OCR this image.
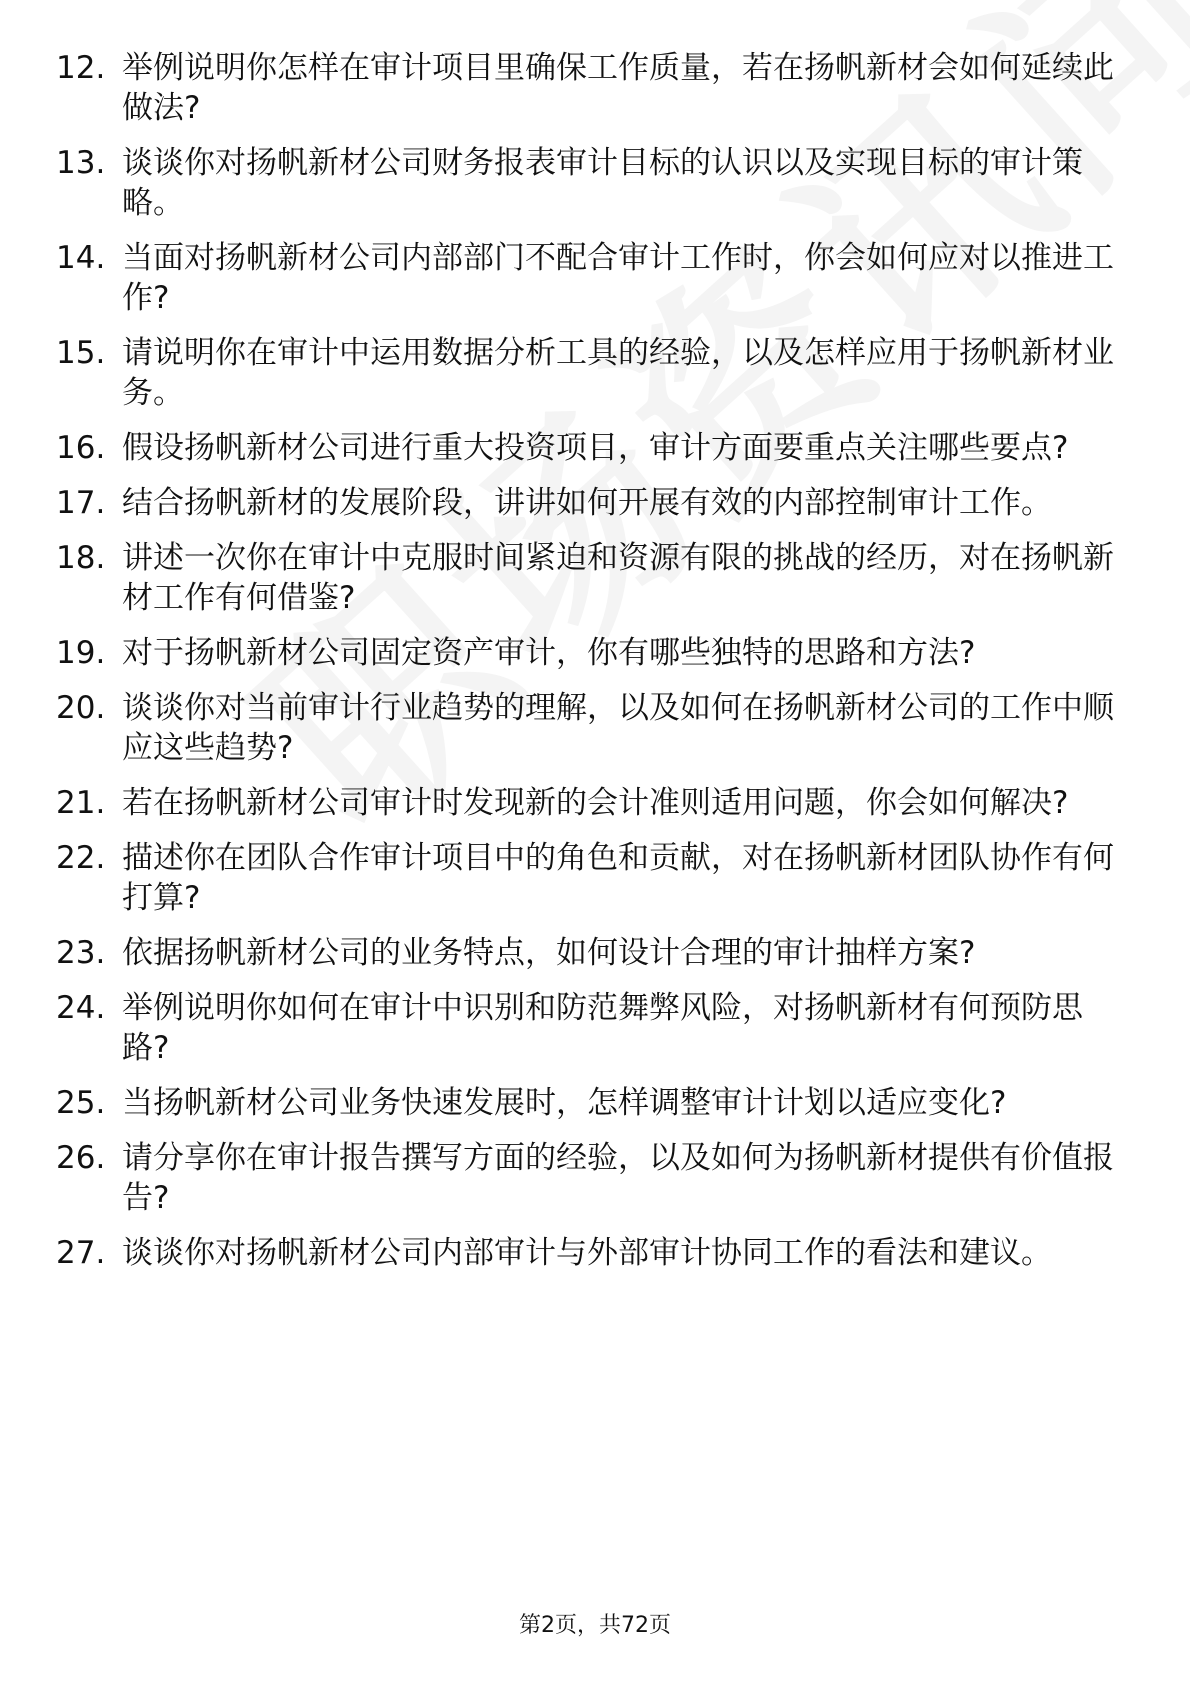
12. 举例说明你怎样在审计项目里确保工作质量，若在扬帆新材会如何延续此做法?
13. 谈谈你对扬帆新材公司财务报表审计目标的认识以及实现目标的审计策略。
14. 当面对扬帆新材公司内部部门不配合审计工作时，你会如何应对以推进工作?
15. 请说明你在审计中运用数据分析工具的经验，以及怎样应用于扬帆新材业务。
16. 假设扬帆新材公司进行重大投资项目，审计方面要重点关注哪些要点?
17. 结合扬帆新材的发展阶段，讲讲如何开展有效的内部控制审计工作。
18. 讲述一次你在审计中克服时间紧迫和资源有限的挑战的经历，对在扬帆新材工作有何借鉴?
19. 对于扬帆新材公司固定资产审计，你有哪些独特的思路和方法?
20. 谈谈你对当前审计行业趋势的理解，以及如何在扬帆新材公司的工作中顺应这些趋势?
21. 若在扬帆新材公司审计时发现新的会计准则适用问题，你会如何解决?
22. 描述你在团队合作审计项目中的角色和贡献，对在扬帆新材团队协作有何打算?
23. 依据扬帆新材公司的业务特点，如何设计合理的审计抽样方案?
24. 举例说明你如何在审计中识别和防范舞弊风险，对扬帆新材有何预防思路?
25. 当扬帆新材公司业务快速发展时，怎样调整审计计划以适应变化?
26. 请分享你在审计报告撰写方面的经验，以及如何为扬帆新材提供有价值报告?
27. 谈谈你对扬帆新材公司内部审计与外部审计协同工作的看法和建议。
第2页，共72页
